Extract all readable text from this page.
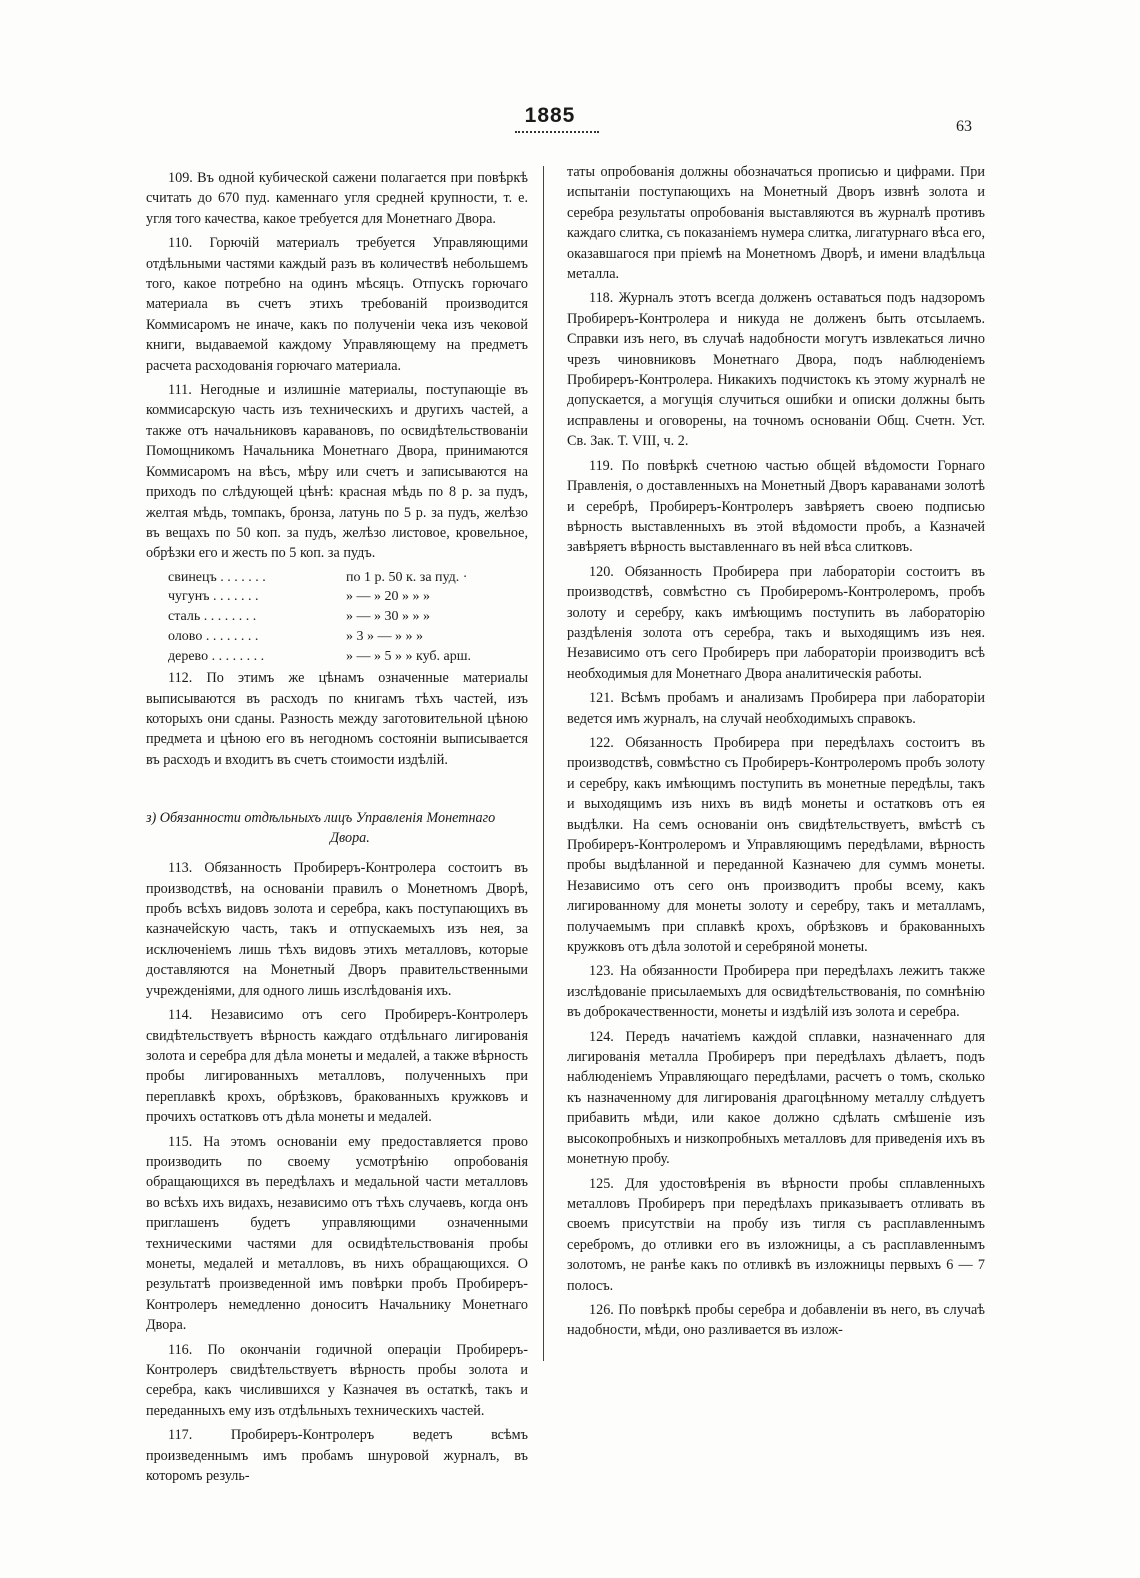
1885	63

109. Въ одной кубической сажени полагается при повѣркѣ считать до 670 пуд. каменнаго угля средней крупности, т. е. угля того качества, какое требуется для Монетнаго Двора.

110. Горючій материалъ требуется Управляющими отдѣльными частями каждый разъ въ количествѣ небольшемъ того, какое потребно на одинъ мѣсяцъ. Отпускъ горючаго материала въ счетъ этихъ требованій производится Коммисаромъ не иначе, какъ по полученіи чека изъ чековой книги, выдаваемой каждому Управляющему на предметъ расчета расходованія горючаго материала.

111. Негодные и излишніе материалы, поступающіе въ коммисарскую часть изъ техническихъ и другихъ частей, а также отъ начальниковъ каравановъ, по освидѣтельствованіи Помощникомъ Начальника Монетнаго Двора, принимаются Коммисаромъ на вѣсъ, мѣру или счетъ и записываются на приходъ по слѣдующей цѣнѣ: красная мѣдь по 8 р. за пудъ, желтая мѣдь, томпакъ, бронза, латунь по 5 р. за пудъ, желѣзо въ вещахъ по 50 коп. за пудъ, желѣзо листовое, кровельное, обрѣзки его и жесть по 5 коп. за пудъ.

свинецъ . . . . . . .	по 1 р. 50 к. за пуд. ·
чугунъ . . . . . . .	» — » 20 » » »
сталь . . . . . . . .	» — » 30 » » »
олово . . . . . . . .	» 3 » — » » »
дерево . . . . . . . .	» — » 5 » » куб. арш.

112. По этимъ же цѣнамъ означенные материалы выписываются въ расходъ по книгамъ тѣхъ частей, изъ которыхъ они сданы. Разность между заготовительной цѣною предмета и цѣною его въ негодномъ состояніи выписывается въ расходъ и входитъ въ счетъ стоимости издѣлій.

з) Обязанности отдѣльныхъ лицъ Управленія Монетнаго
Двора.

113. Обязанность Пробиреръ-Контролера состоитъ въ производствѣ, на основаніи правилъ о Монетномъ Дворѣ, пробъ всѣхъ видовъ золота и серебра, какъ поступающихъ въ казначейскую часть, такъ и отпускаемыхъ изъ нея, за исключеніемъ лишь тѣхъ видовъ этихъ металловъ, которые доставляются на Монетный Дворъ правительственными учрежденіями, для одного лишь изслѣдованія ихъ.

114. Независимо отъ сего Пробиреръ-Контролеръ свидѣтельствуетъ вѣрность каждаго отдѣльнаго лигированія золота и серебра для дѣла монеты и медалей, а также вѣрность пробы лигированныхъ металловъ, полученныхъ при переплавкѣ крохъ, обрѣзковъ, бракованныхъ кружковъ и прочихъ остатковъ отъ дѣла монеты и медалей.

115. На этомъ основаніи ему предоставляется прово производить по своему усмотрѣнію опробованія обращающихся въ передѣлахъ и медальной части металловъ во всѣхъ ихъ видахъ, независимо отъ тѣхъ случаевъ, когда онъ приглашенъ будетъ управляющими означенными техническими частями для освидѣтельствованія пробы монеты, медалей и металловъ, въ нихъ обращающихся. О результатѣ произведенной имъ повѣрки пробъ Пробиреръ-Контролеръ немедленно доноситъ Начальнику Монетнаго Двора.

116. По окончаніи годичной операціи Пробиреръ-Контролеръ свидѣтельствуетъ вѣрность пробы золота и серебра, какъ числившихся у Казначея въ остаткѣ, такъ и переданныхъ ему изъ отдѣльныхъ техническихъ частей.

117. Пробиреръ-Контролеръ ведетъ всѣмъ произведеннымъ имъ пробамъ шнуровой журналъ, въ которомъ резуль-

таты опробованія должны обозначаться прописью и цифрами. При испытаніи поступающихъ на Монетный Дворъ извнѣ золота и серебра результаты опробованія выставляются въ журналѣ противъ каждаго слитка, съ показаніемъ нумера слитка, лигатурнаго вѣса его, оказавшагося при пріемѣ на Монетномъ Дворѣ, и имени владѣльца металла.

118. Журналъ этотъ всегда долженъ оставаться подъ надзоромъ Пробиреръ-Контролера и никуда не долженъ быть отсылаемъ. Справки изъ него, въ случаѣ надобности могутъ извлекаться лично чрезъ чиновниковъ Монетнаго Двора, подъ наблюденіемъ Пробиреръ-Контролера. Никакихъ подчистокъ къ этому журналѣ не допускается, а могущія случиться ошибки и описки должны быть исправлены и оговорены, на точномъ основаніи Общ. Счетн. Уст. Св. Зак. Т. VIII, ч. 2.

119. По повѣркѣ счетною частью общей вѣдомости Горнаго Правленія, о доставленныхъ на Монетный Дворъ караванами золотѣ и серебрѣ, Пробиреръ-Контролеръ завѣряетъ своею подписью вѣрность выставленныхъ въ этой вѣдомости пробъ, а Казначей завѣряетъ вѣрность выставленнаго въ ней вѣса слитковъ.

120. Обязанность Пробирера при лабораторіи состоитъ въ производствѣ, совмѣстно съ Пробиреромъ-Контролеромъ, пробъ золоту и серебру, какъ имѣющимъ поступить въ лабораторію раздѣленія золота отъ серебра, такъ и выходящимъ изъ нея. Независимо отъ сего Пробиреръ при лабораторіи производитъ всѣ необходимыя для Монетнаго Двора аналитическія работы.

121. Всѣмъ пробамъ и анализамъ Пробирера при лабораторіи ведется имъ журналъ, на случай необходимыхъ справокъ.

122. Обязанность Пробирера при передѣлахъ состоитъ въ производствѣ, совмѣстно съ Пробиреръ-Контролеромъ пробъ золоту и серебру, какъ имѣющимъ поступить въ монетные передѣлы, такъ и выходящимъ изъ нихъ въ видѣ монеты и остатковъ отъ ея выдѣлки. На семъ основаніи онъ свидѣтельствуетъ, вмѣстѣ съ Пробиреръ-Контролеромъ и Управляющимъ передѣлами, вѣрность пробы выдѣланной и переданной Казначею для суммъ монеты. Независимо отъ сего онъ производитъ пробы всему, какъ лигированному для монеты золоту и серебру, такъ и металламъ, получаемымъ при сплавкѣ крохъ, обрѣзковъ и бракованныхъ кружковъ отъ дѣла золотой и серебряной монеты.

123. На обязанности Пробирера при передѣлахъ лежитъ также изслѣдованіе присылаемыхъ для освидѣтельствованія, по сомнѣнію въ доброкачественности, монеты и издѣлій изъ золота и серебра.

124. Передъ начатіемъ каждой сплавки, назначеннаго для лигированія металла Пробиреръ при передѣлахъ дѣлаетъ, подъ наблюденіемъ Управляющаго передѣлами, расчетъ о томъ, сколько къ назначенному для лигированія драгоцѣнному металлу слѣдуетъ прибавить мѣди, или какое должно сдѣлать смѣшеніе изъ высокопробныхъ и низкопробныхъ металловъ для приведенія ихъ въ монетную пробу.

125. Для удостовѣренія въ вѣрности пробы сплавленныхъ металловъ Пробиреръ при передѣлахъ приказываетъ отливать въ своемъ присутствіи на пробу изъ тигля съ расплавленнымъ серебромъ, до отливки его въ изложницы, а съ расплавленнымъ золотомъ, не ранѣе какъ по отливкѣ въ изложницы первыхъ 6 — 7 полосъ.

126. По повѣркѣ пробы серебра и добавленіи въ него, въ случаѣ надобности, мѣди, оно разливается въ излож-
